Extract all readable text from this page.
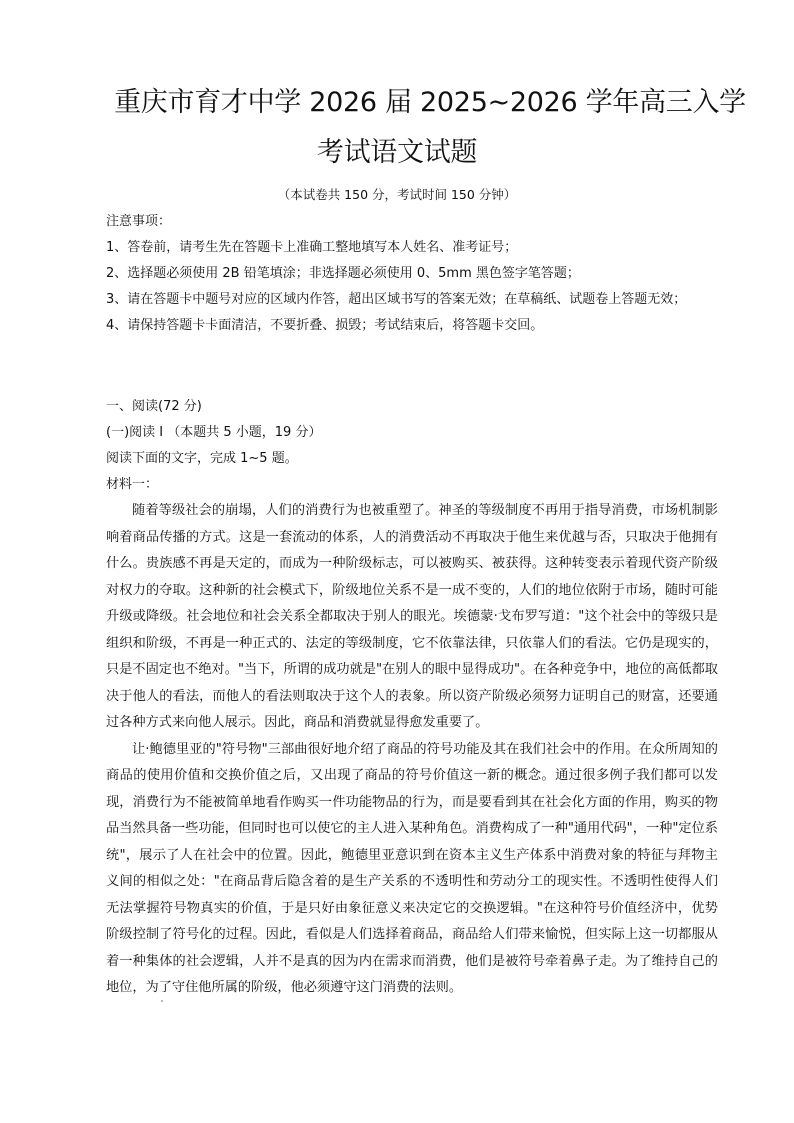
重庆市育才中学 2026 届 2025~2026 学年高三入学
考试语文试题
（本试卷共 150 分，考试时间 150 分钟）
注意事项：
1、答卷前，请考生先在答题卡上准确工整地填写本人姓名、准考证号；
2、选择题必须使用 2B 铅笔填涂；非选择题必须使用 0、5mm 黑色签字笔答题；
3、请在答题卡中题号对应的区域内作答，超出区域书写的答案无效；在草稿纸、试题卷上答题无效；
4、请保持答题卡卡面清洁，不要折叠、损毁；考试结束后，将答题卡交回。
一、阅读(72 分)
(一)阅读 I （本题共 5 小题，19 分）
阅读下面的文字，完成 1~5 题。
材料一：

随着等级社会的崩塌，人们的消费行为也被重塑了。神圣的等级制度不再用于指导消费，市场机制影响着商品传播的方式。这是一套流动的体系，人的消费活动不再取决于他生来优越与否，只取决于他拥有什么。贵族感不再是天定的，而成为一种阶级标志，可以被购买、被获得。这种转变表示着现代资产阶级对权力的夺取。这种新的社会模式下，阶级地位关系不是一成不变的，人们的地位依附于市场，随时可能升级或降级。社会地位和社会关系全都取决于别人的眼光。埃德蒙·戈布罗写道："这个社会中的等级只是组织和阶级，不再是一种正式的、法定的等级制度，它不依靠法律，只依靠人们的看法。它仍是现实的，只是不固定也不绝对。"当下，所谓的成功就是"在别人的眼中显得成功"。在各种竞争中，地位的高低都取决于他人的看法，而他人的看法则取决于这个人的表象。所以资产阶级必须努力证明自己的财富，还要通过各种方式来向他人展示。因此，商品和消费就显得愈发重要了。

让·鲍德里亚的"符号物"三部曲很好地介绍了商品的符号功能及其在我们社会中的作用。在众所周知的商品的使用价值和交换价值之后，又出现了商品的符号价值这一新的概念。通过很多例子我们都可以发现，消费行为不能被简单地看作购买一件功能物品的行为，而是要看到其在社会化方面的作用，购买的物品当然具备一些功能，但同时也可以使它的主人进入某种角色。消费构成了一种"通用代码"，一种"定位系统"，展示了人在社会中的位置。因此，鲍德里亚意识到在资本主义生产体系中消费对象的特征与拜物主义间的相似之处："在商品背后隐含着的是生产关系的不透明性和劳动分工的现实性。不透明性使得人们无法掌握符号物真实的价值，于是只好由象征意义来决定它的交换逻辑。"在这种符号价值经济中，优势阶级控制了符号化的过程。因此，看似是人们选择着商品，商品给人们带来愉悦，但实际上这一切都服从着一种集体的社会逻辑，人并不是真的因为内在需求而消费，他们是被符号牵着鼻子走。为了维持自己的地位，为了守住他所属的阶级，他必须遵守这门消费的法则。
